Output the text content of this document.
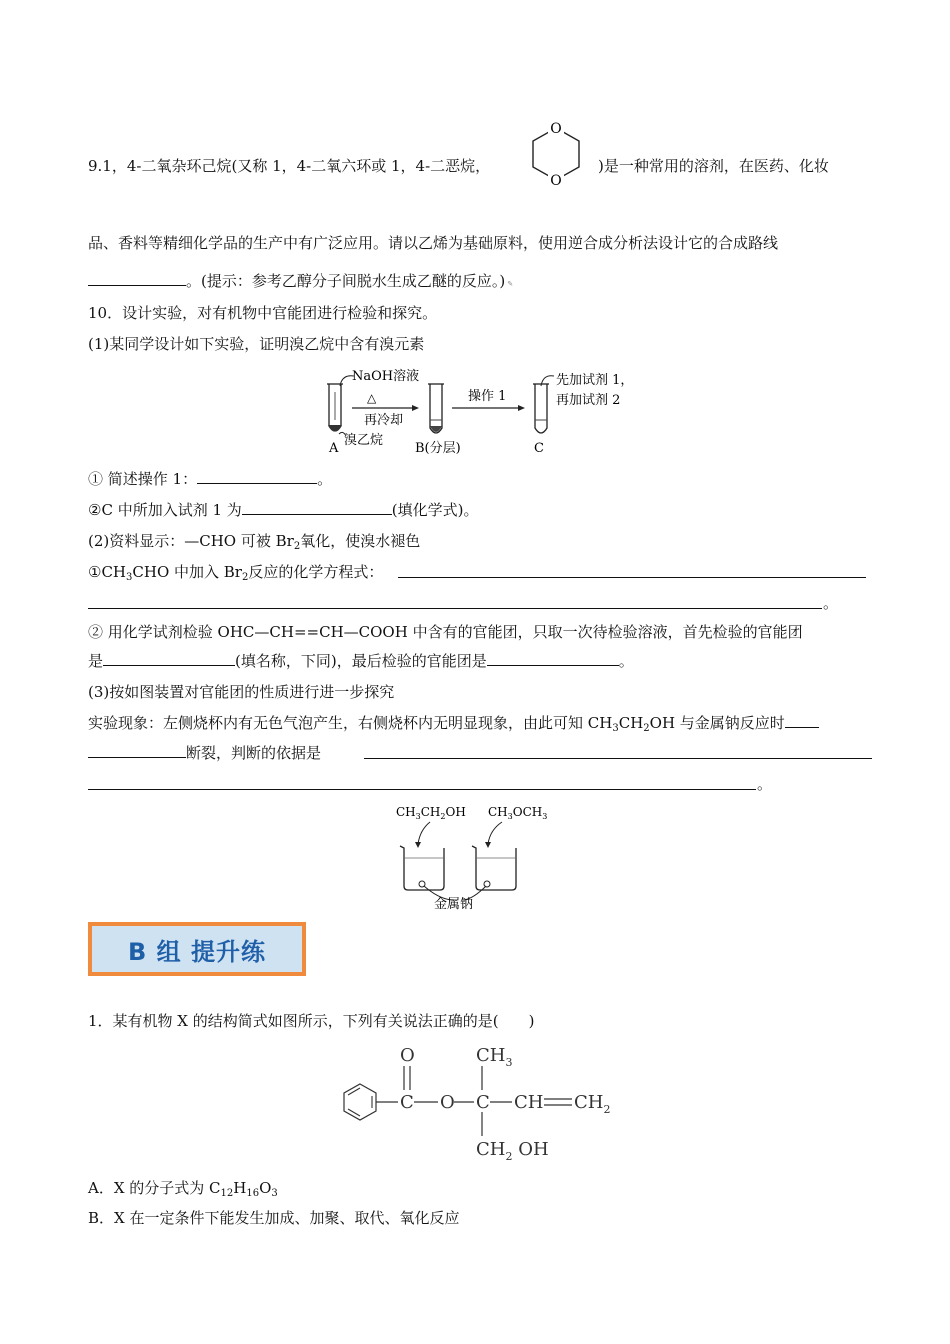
9.1，4-二氧杂环己烷(又称 1，4-二氧六环或 1，4-二恶烷，
O
O
)是一种常用的溶剂，在医药、化妆
品、香料等精细化学品的生产中有广泛应用。请以乙烯为基础原料，使用逆合成分析法设计它的合成路线
。(提示：参考乙醇分子间脱水生成乙醚的反应。) ✎
10．设计实验，对有机物中官能团进行检验和探究。
(1)某同学设计如下实验，证明溴乙烷中含有溴元素
NaOH溶液
△
再冷却
A
溴乙烷
B(分层)
操作 1
先加试剂 1，
再加试剂 2
C
① 简述操作 1：	。
②C 中所加入试剂 1 为	(填化学式)。
(2)资料显示：—CHO 可被 $Br_2$氧化，使溴水褪色
$①CH_3CHO$ 中加入 $Br_2$反应的化学方程式：
。
② 用化学试剂检验 OHC—CH==CH—COOH 中含有的官能团，只取一次待检验溶液，首先检验的官能团
是	(填名称，下同)，最后检验的官能团是	。
(3)按如图装置对官能团的性质进行进一步探究
实验现象：左侧烧杯内有无色气泡产生，右侧烧杯内无明显现象，由此可知 $CH_3CH_2OH$ 与金属钠反应时
断裂，判断的依据是
。
$CH_3CH_2OH$ $CH_3OCH_3$
金属钠
B 组 提升练
1．某有机物 X 的结构简式如图所示，下列有关说法正确的是(　　)
O	$CH_3$
C O C CH $CH_2$
$CH_2$ OH
A．X 的分子式为 $C_{12}H_{16}O_3$
B．X 在一定条件下能发生加成、加聚、取代、氧化反应
